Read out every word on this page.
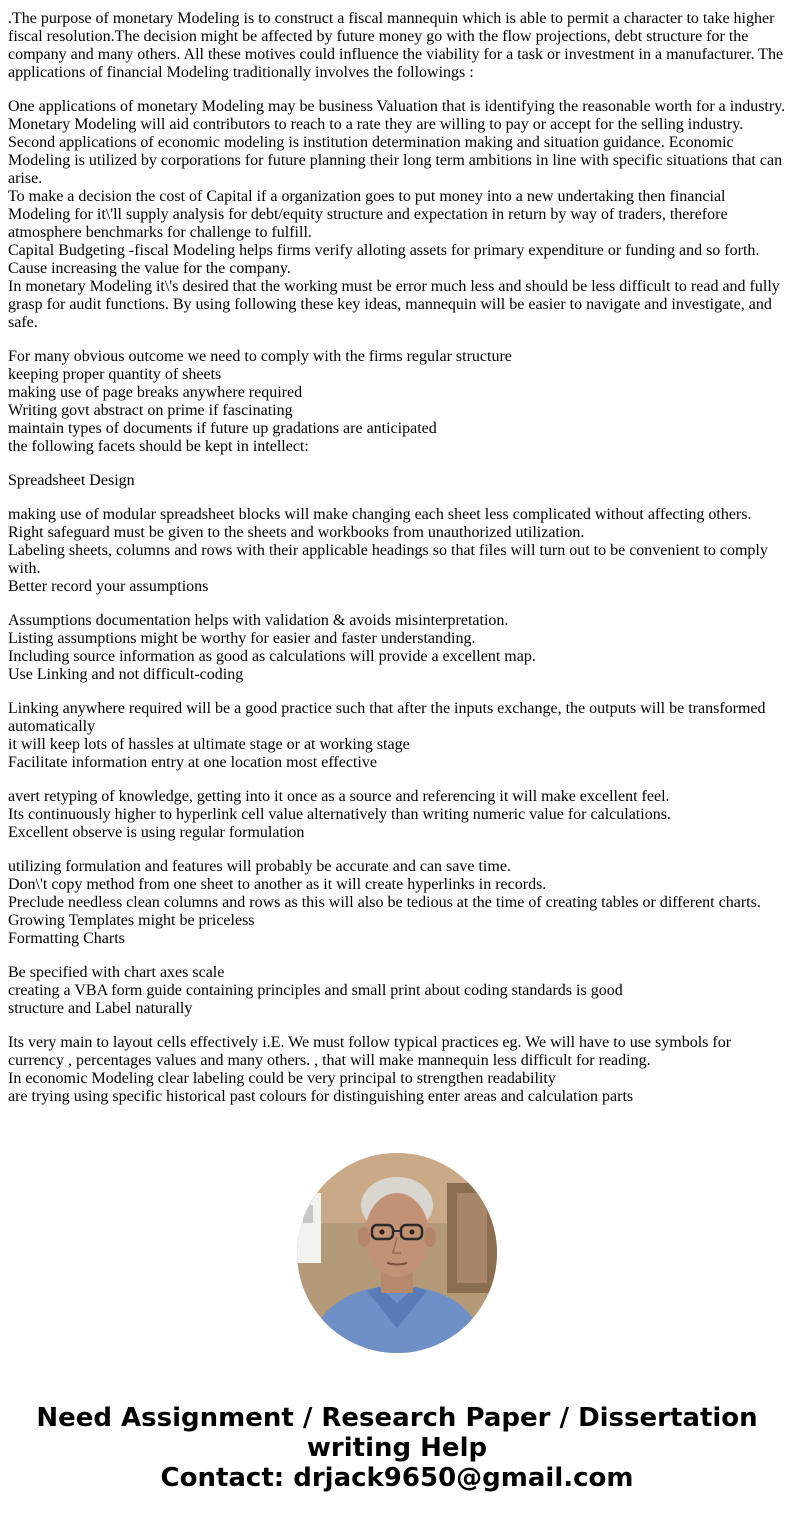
.The purpose of monetary Modeling is to construct a fiscal mannequin which is able to permit a character to take higher fiscal resolution.The decision might be affected by future money go with the flow projections, debt structure for the company and many others. All these motives could influence the viability for a task or investment in a manufacturer. The applications of financial Modeling traditionally involves the followings :

One applications of monetary Modeling may be business Valuation that is identifying the reasonable worth for a industry. Monetary Modeling will aid contributors to reach to a rate they are willing to pay or accept for the selling industry.
Second applications of economic modeling is institution determination making and situation guidance. Economic Modeling is utilized by corporations for future planning their long term ambitions in line with specific situations that can arise.
To make a decision the cost of Capital if a organization goes to put money into a new undertaking then financial Modeling for it\'ll supply analysis for debt/equity structure and expectation in return by way of traders, therefore atmosphere benchmarks for challenge to fulfill.
Capital Budgeting -fiscal Modeling helps firms verify alloting assets for primary expenditure or funding and so forth. Cause increasing the value for the company.
In monetary Modeling it\'s desired that the working must be error much less and should be less difficult to read and fully grasp for audit functions. By using following these key ideas, mannequin will be easier to navigate and investigate, and safe.

For many obvious outcome we need to comply with the firms regular structure
keeping proper quantity of sheets
making use of page breaks anywhere required
Writing govt abstract on prime if fascinating
maintain types of documents if future up gradations are anticipated
the following facets should be kept in intellect:

Spreadsheet Design

making use of modular spreadsheet blocks will make changing each sheet less complicated without affecting others.
Right safeguard must be given to the sheets and workbooks from unauthorized utilization.
Labeling sheets, columns and rows with their applicable headings so that files will turn out to be convenient to comply with.
Better record your assumptions

Assumptions documentation helps with validation & avoids misinterpretation.
Listing assumptions might be worthy for easier and faster understanding.
Including source information as good as calculations will provide a excellent map.
Use Linking and not difficult-coding

Linking anywhere required will be a good practice such that after the inputs exchange, the outputs will be transformed automatically
it will keep lots of hassles at ultimate stage or at working stage
Facilitate information entry at one location most effective

avert retyping of knowledge, getting into it once as a source and referencing it will make excellent feel.
Its continuously higher to hyperlink cell value alternatively than writing numeric value for calculations.
Excellent observe is using regular formulation

utilizing formulation and features will probably be accurate and can save time.
Don\'t copy method from one sheet to another as it will create hyperlinks in records.
Preclude needless clean columns and rows as this will also be tedious at the time of creating tables or different charts.
Growing Templates might be priceless
Formatting Charts

Be specified with chart axes scale
creating a VBA form guide containing principles and small print about coding standards is good
structure and Label naturally

Its very main to layout cells effectively i.E. We must follow typical practices eg. We will have to use symbols for currency , percentages values and many others. , that will make mannequin less difficult for reading.
In economic Modeling clear labeling could be very principal to strengthen readability
are trying using specific historical past colours for distinguishing enter areas and calculation parts

Need Assignment / Research Paper / Dissertation writing Help
Contact: drjack9650@gmail.com
